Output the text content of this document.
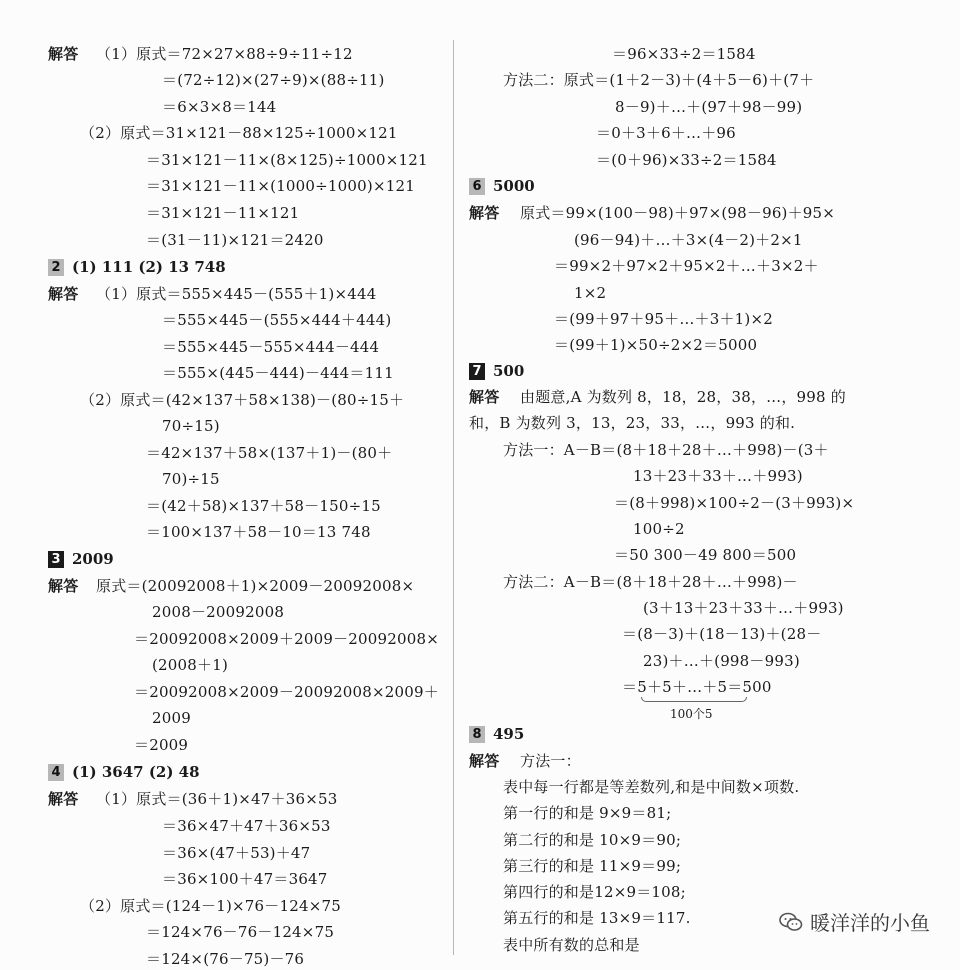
解答 （1）原式＝72×27×88÷9÷11÷12
＝(72÷12)×(27÷9)×(88÷11)
＝6×3×8＝144
（2）原式＝31×121－88×125÷1000×121
＝31×121－11×(8×125)÷1000×121
＝31×121－11×(1000÷1000)×121
＝31×121－11×121
＝(31－11)×121＝2420
2 (1) 111 (2) 13 748
解答 （1）原式＝555×445－(555＋1)×444
＝555×445－(555×444＋444)
＝555×445－555×444－444
＝555×(445－444)－444＝111
（2）原式＝(42×137＋58×138)－(80÷15＋
70÷15)
＝42×137＋58×(137＋1)－(80＋
70)÷15
＝(42＋58)×137＋58－150÷15
＝100×137＋58－10＝13 748
3 2009
解答 原式＝(20092008＋1)×2009－20092008×
2008－20092008
＝20092008×2009＋2009－20092008×
(2008＋1)
＝20092008×2009－20092008×2009＋
2009
＝2009
4 (1) 3647 (2) 48
解答 （1）原式＝(36＋1)×47＋36×53
＝36×47＋47＋36×53
＝36×(47＋53)＋47
＝36×100＋47＝3647
（2）原式＝(124－1)×76－124×75
＝124×76－76－124×75
＝124×(76－75)－76
＝96×33÷2＝1584
方法二：原式＝(1＋2－3)＋(4＋5－6)＋(7＋
8－9)＋…＋(97＋98－99)
＝0＋3＋6＋…＋96
＝(0＋96)×33÷2＝1584
6 5000
解答 原式＝99×(100－98)＋97×(98－96)＋95×
(96－94)＋…＋3×(4－2)＋2×1
＝99×2＋97×2＋95×2＋…＋3×2＋
1×2
＝(99＋97＋95＋…＋3＋1)×2
＝(99＋1)×50÷2×2＝5000
7 500
解答 由题意,A 为数列 8，18，28，38，…，998 的
和，B 为数列 3，13，23，33，…，993 的和.
方法一：A－B＝(8＋18＋28＋…＋998)－(3＋
13＋23＋33＋…＋993)
＝(8＋998)×100÷2－(3＋993)×
100÷2
＝50 300－49 800＝500
方法二：A－B＝(8＋18＋28＋…＋998)－
(3＋13＋23＋33＋…＋993)
＝(8－3)＋(18－13)＋(28－
23)＋…＋(998－993)
＝5＋5＋…＋5＝500
100个5
8 495
解答 方法一：
表中每一行都是等差数列,和是中间数×项数.
第一行的和是 9×9＝81;
第二行的和是 10×9＝90;
第三行的和是 11×9＝99;
第四行的和是12×9＝108;
第五行的和是 13×9＝117.
表中所有数的总和是
暖洋洋的小鱼
